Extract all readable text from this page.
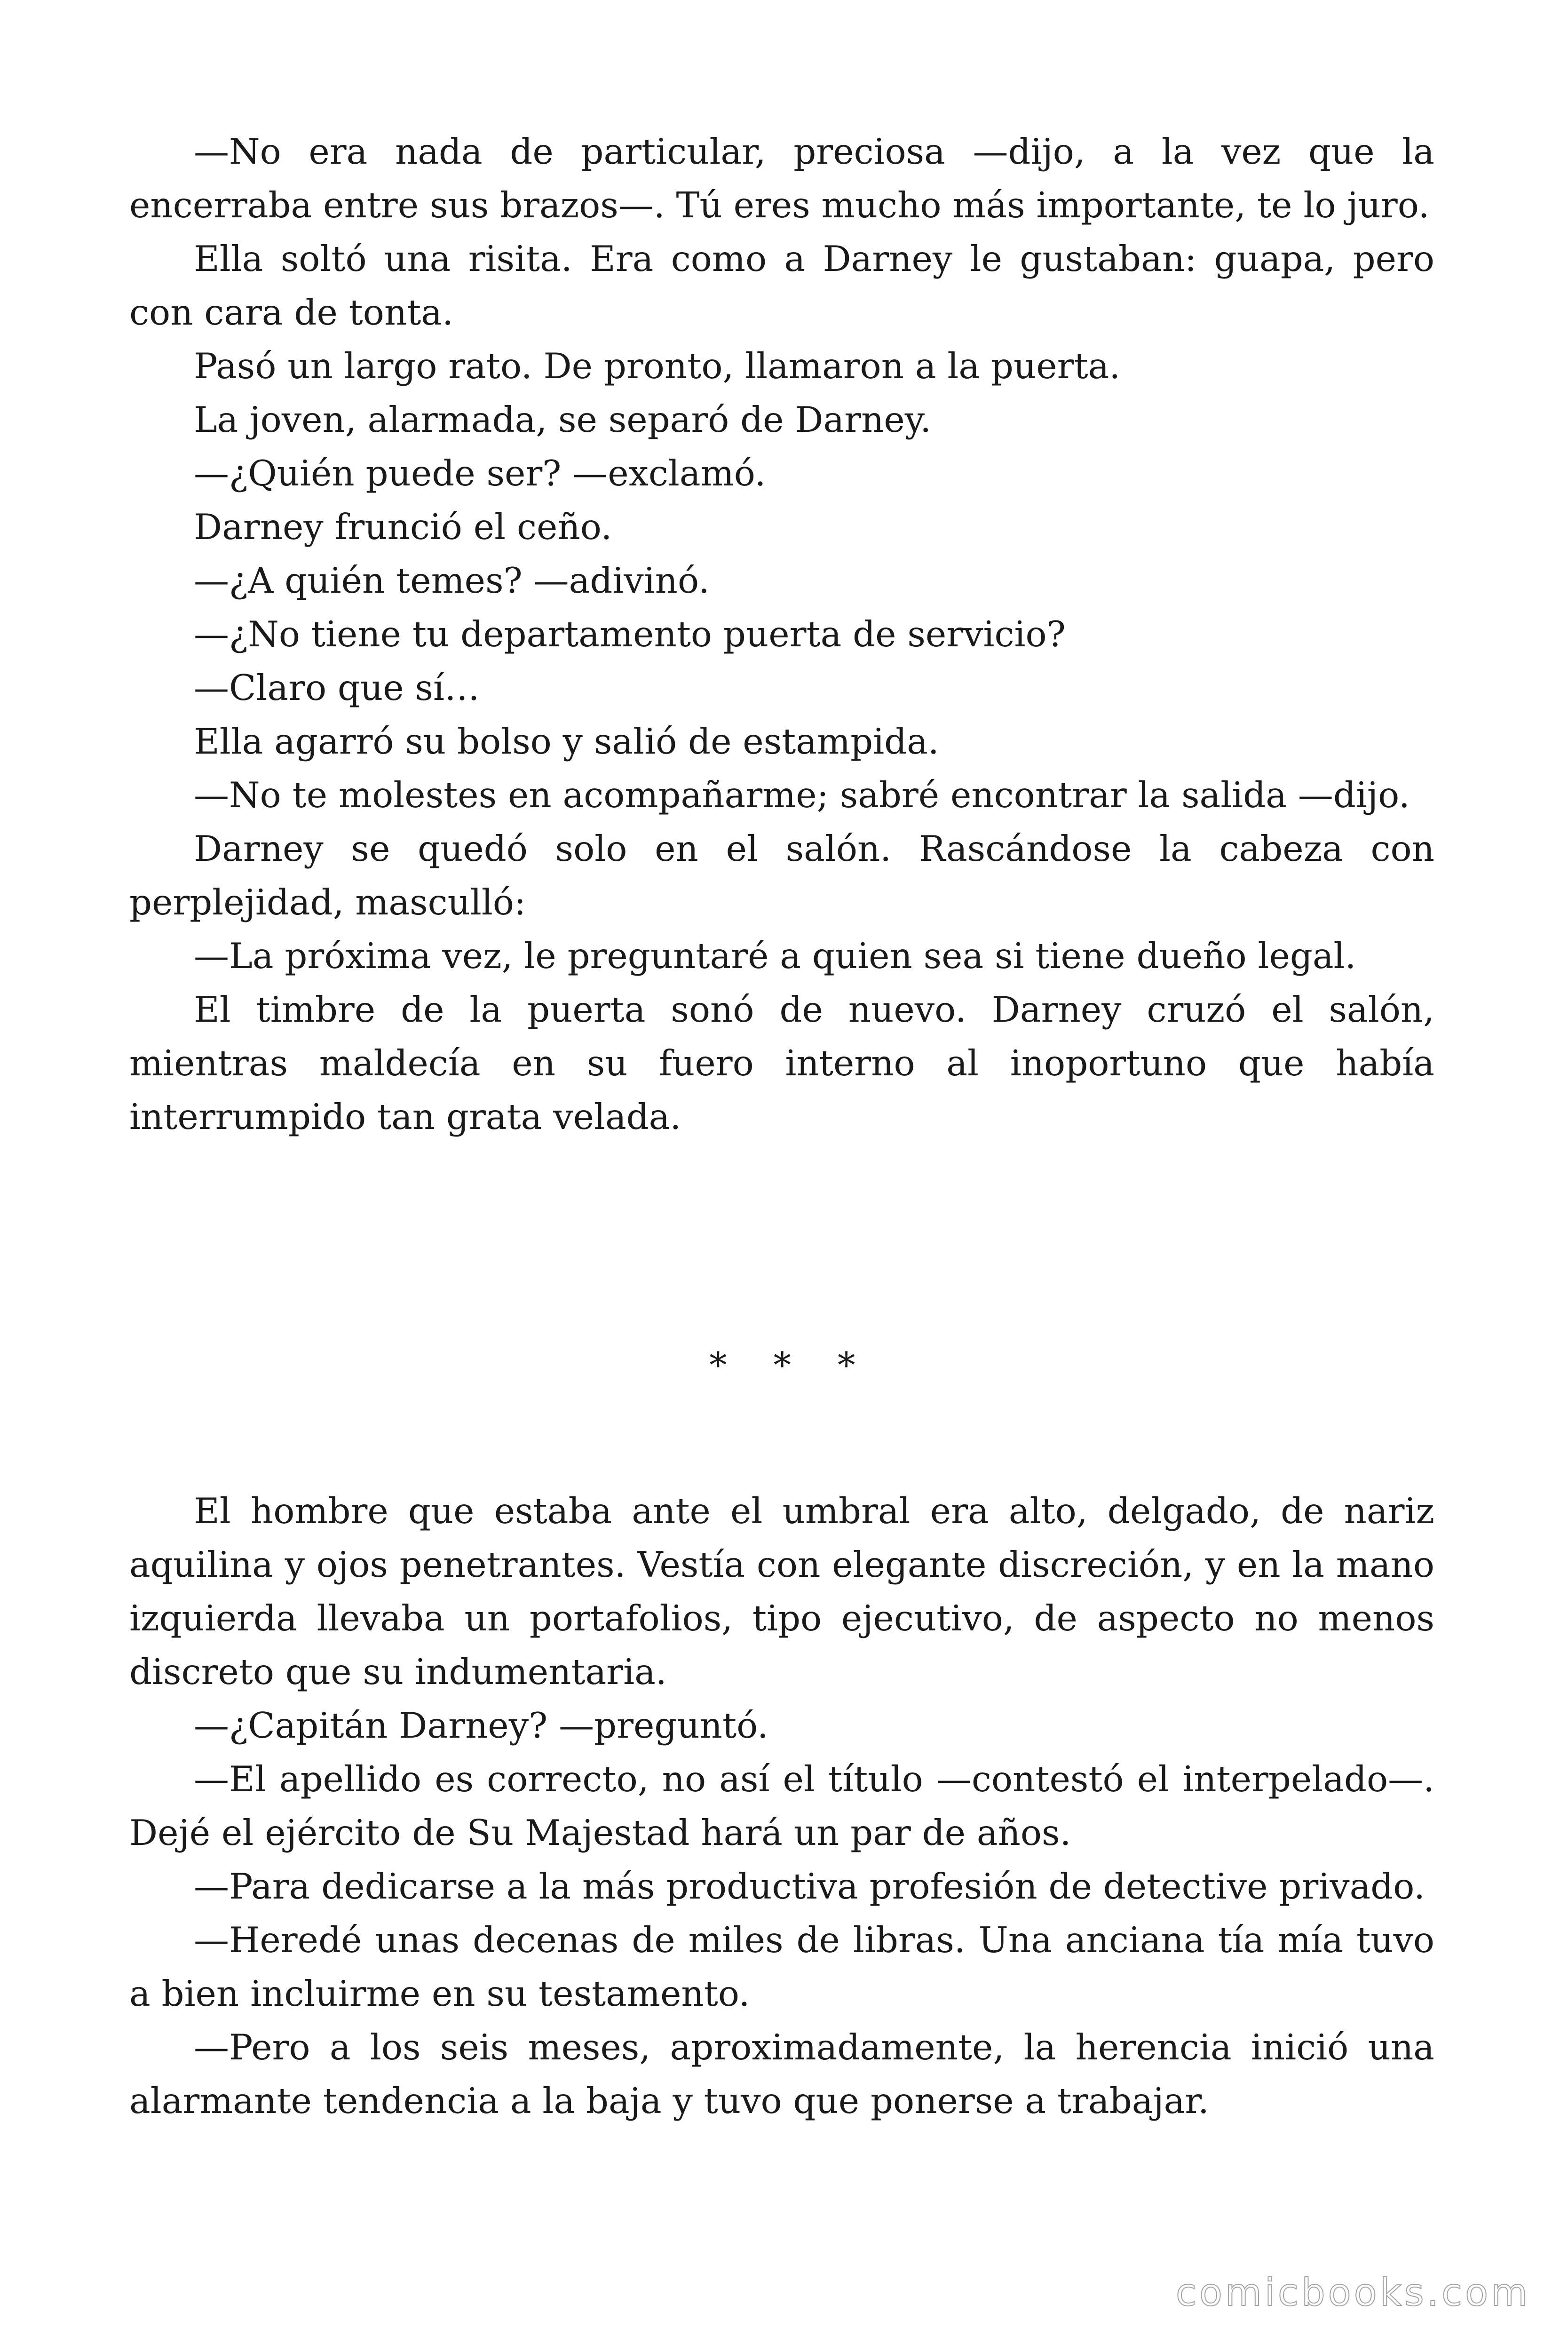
—No era nada de particular, preciosa —dijo, a la vez que la encerraba entre sus brazos—. Tú eres mucho más importante, te lo juro.

Ella soltó una risita. Era como a Darney le gustaban: guapa, pero con cara de tonta.

Pasó un largo rato. De pronto, llamaron a la puerta.

La joven, alarmada, se separó de Darney.

—¿Quién puede ser? —exclamó.

Darney frunció el ceño.

—¿A quién temes? —adivinó.

—¿No tiene tu departamento puerta de servicio?

—Claro que sí…

Ella agarró su bolso y salió de estampida.

—No te molestes en acompañarme; sabré encontrar la salida —dijo.

Darney se quedó solo en el salón. Rascándose la cabeza con perplejidad, masculló:

—La próxima vez, le preguntaré a quien sea si tiene dueño legal.

El timbre de la puerta sonó de nuevo. Darney cruzó el salón, mientras maldecía en su fuero interno al inoportuno que había interrumpido tan grata velada.

* * *

El hombre que estaba ante el umbral era alto, delgado, de nariz aquilina y ojos penetrantes. Vestía con elegante discreción, y en la mano izquierda llevaba un portafolios, tipo ejecutivo, de aspecto no menos discreto que su indumentaria.

—¿Capitán Darney? —preguntó.

—El apellido es correcto, no así el título —contestó el interpelado—. Dejé el ejército de Su Majestad hará un par de años.

—Para dedicarse a la más productiva profesión de detective privado.

—Heredé unas decenas de miles de libras. Una anciana tía mía tuvo a bien incluirme en su testamento.

—Pero a los seis meses, aproximadamente, la herencia inició una alarmante tendencia a la baja y tuvo que ponerse a trabajar.

comicbooks.com
